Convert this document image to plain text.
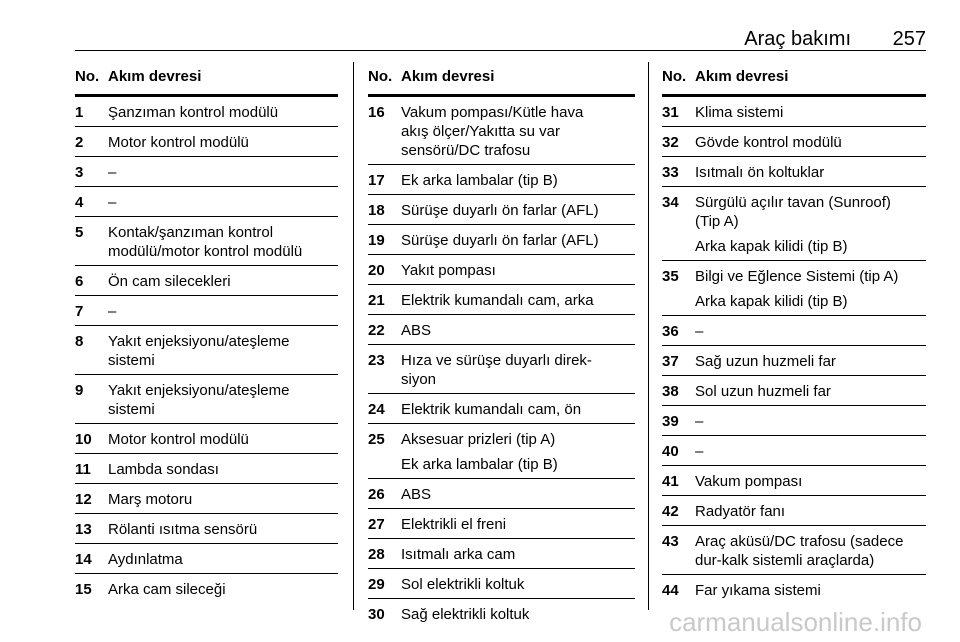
Araç bakımı 257
No. Akım devresi
1 Şanzıman kontrol modülü
2 Motor kontrol modülü
3 –
4 –
5 Kontak/şanzıman kontrol
modülü/motor kontrol modülü
6 Ön cam silecekleri
7 –
8 Yakıt enjeksiyonu/ateşleme
sistemi
9 Yakıt enjeksiyonu/ateşleme
sistemi
10 Motor kontrol modülü
11 Lambda sondası
12 Marş motoru
13 Rölanti ısıtma sensörü
14 Aydınlatma
15 Arka cam sileceği
No. Akım devresi
16 Vakum pompası/Kütle hava
akış ölçer/Yakıtta su var
sensörü/DC trafosu
17 Ek arka lambalar (tip B)
18 Sürüşe duyarlı ön farlar (AFL)
19 Sürüşe duyarlı ön farlar (AFL)
20 Yakıt pompası
21 Elektrik kumandalı cam, arka
22 ABS
23 Hıza ve sürüşe duyarlı direk-
siyon
24 Elektrik kumandalı cam, ön
25 Aksesuar prizleri (tip A)
Ek arka lambalar (tip B)
26 ABS
27 Elektrikli el freni
28 Isıtmalı arka cam
29 Sol elektrikli koltuk
30 Sağ elektrikli koltuk
No. Akım devresi
31 Klima sistemi
32 Gövde kontrol modülü
33 Isıtmalı ön koltuklar
34 Sürgülü açılır tavan (Sunroof)
(Tip A)
Arka kapak kilidi (tip B)
35 Bilgi ve Eğlence Sistemi (tip A)
Arka kapak kilidi (tip B)
36 –
37 Sağ uzun huzmeli far
38 Sol uzun huzmeli far
39 –
40 –
41 Vakum pompası
42 Radyatör fanı
43 Araç aküsü/DC trafosu (sadece
dur-kalk sistemli araçlarda)
44 Far yıkama sistemi
carmanualsonline.info
